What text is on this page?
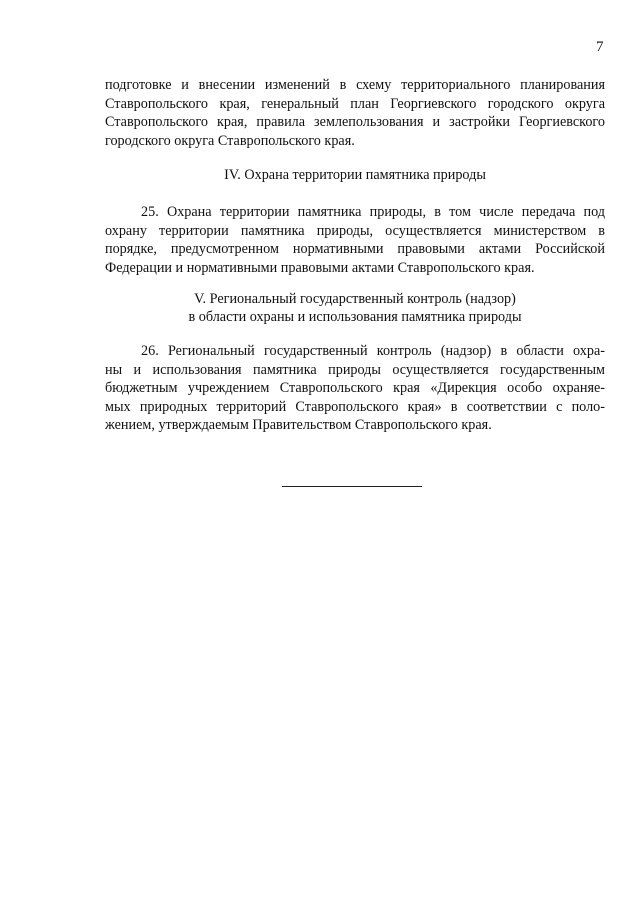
7

подготовке и внесении изменений в схему территориального планирования
Ставропольского края, генеральный план Георгиевского городского округа
Ставропольского края, правила землепользования и застройки Георгиевского
городского округа Ставропольского края.

IV. Охрана территории памятника природы

25. Охрана территории памятника природы, в том числе передача под
охрану территории памятника природы, осуществляется министерством в
порядке, предусмотренном нормативными правовыми актами Российской
Федерации и нормативными правовыми актами Ставропольского края.

V. Региональный государственный контроль (надзор)

в области охраны и использования памятника природы

26. Региональный государственный контроль (надзор) в области охра-
ны и использования памятника природы осуществляется государственным
бюджетным учреждением Ставропольского края «Дирекция особо охраняе-
мых природных территорий Ставропольского края» в соответствии с поло-
жением, утверждаемым Правительством Ставропольского края.
